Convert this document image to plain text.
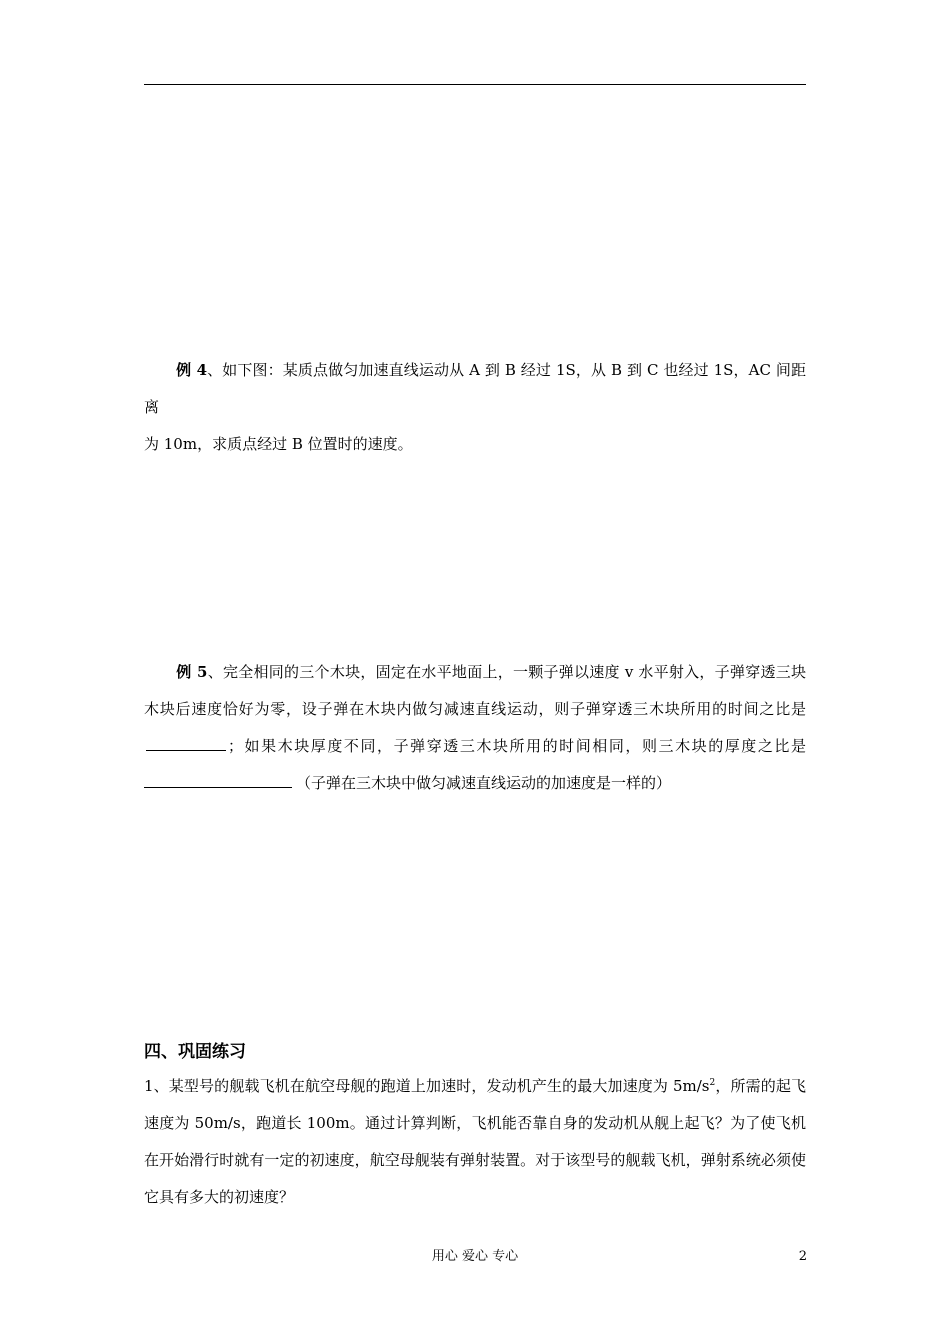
例 4、如下图：某质点做匀加速直线运动从 A 到 B 经过 1S，从 B 到 C 也经过 1S，AC 间距离
为 10m，求质点经过 B 位置时的速度。

例 5、完全相同的三个木块，固定在水平地面上，一颗子弹以速度 v 水平射入，子弹穿透三块木块后速度恰好为零，设子弹在木块内做匀减速直线运动，则子弹穿透三木块所用的时间之比是 ；如果木块厚度不同，子弹穿透三木块所用的时间相同，则三木块的厚度之比是（子弹在三木块中做匀减速直线运动的加速度是一样的）

四、巩固练习

1、某型号的舰载飞机在航空母舰的跑道上加速时，发动机产生的最大加速度为 $5m/s^2$，所需的起飞速度为 50m/s，跑道长 100m。通过计算判断，飞机能否靠自身的发动机从舰上起飞？为了使飞机在开始滑行时就有一定的初速度，航空母舰装有弹射装置。对于该型号的舰载飞机，弹射系统必须使它具有多大的初速度？

用心 爱心 专心	2
